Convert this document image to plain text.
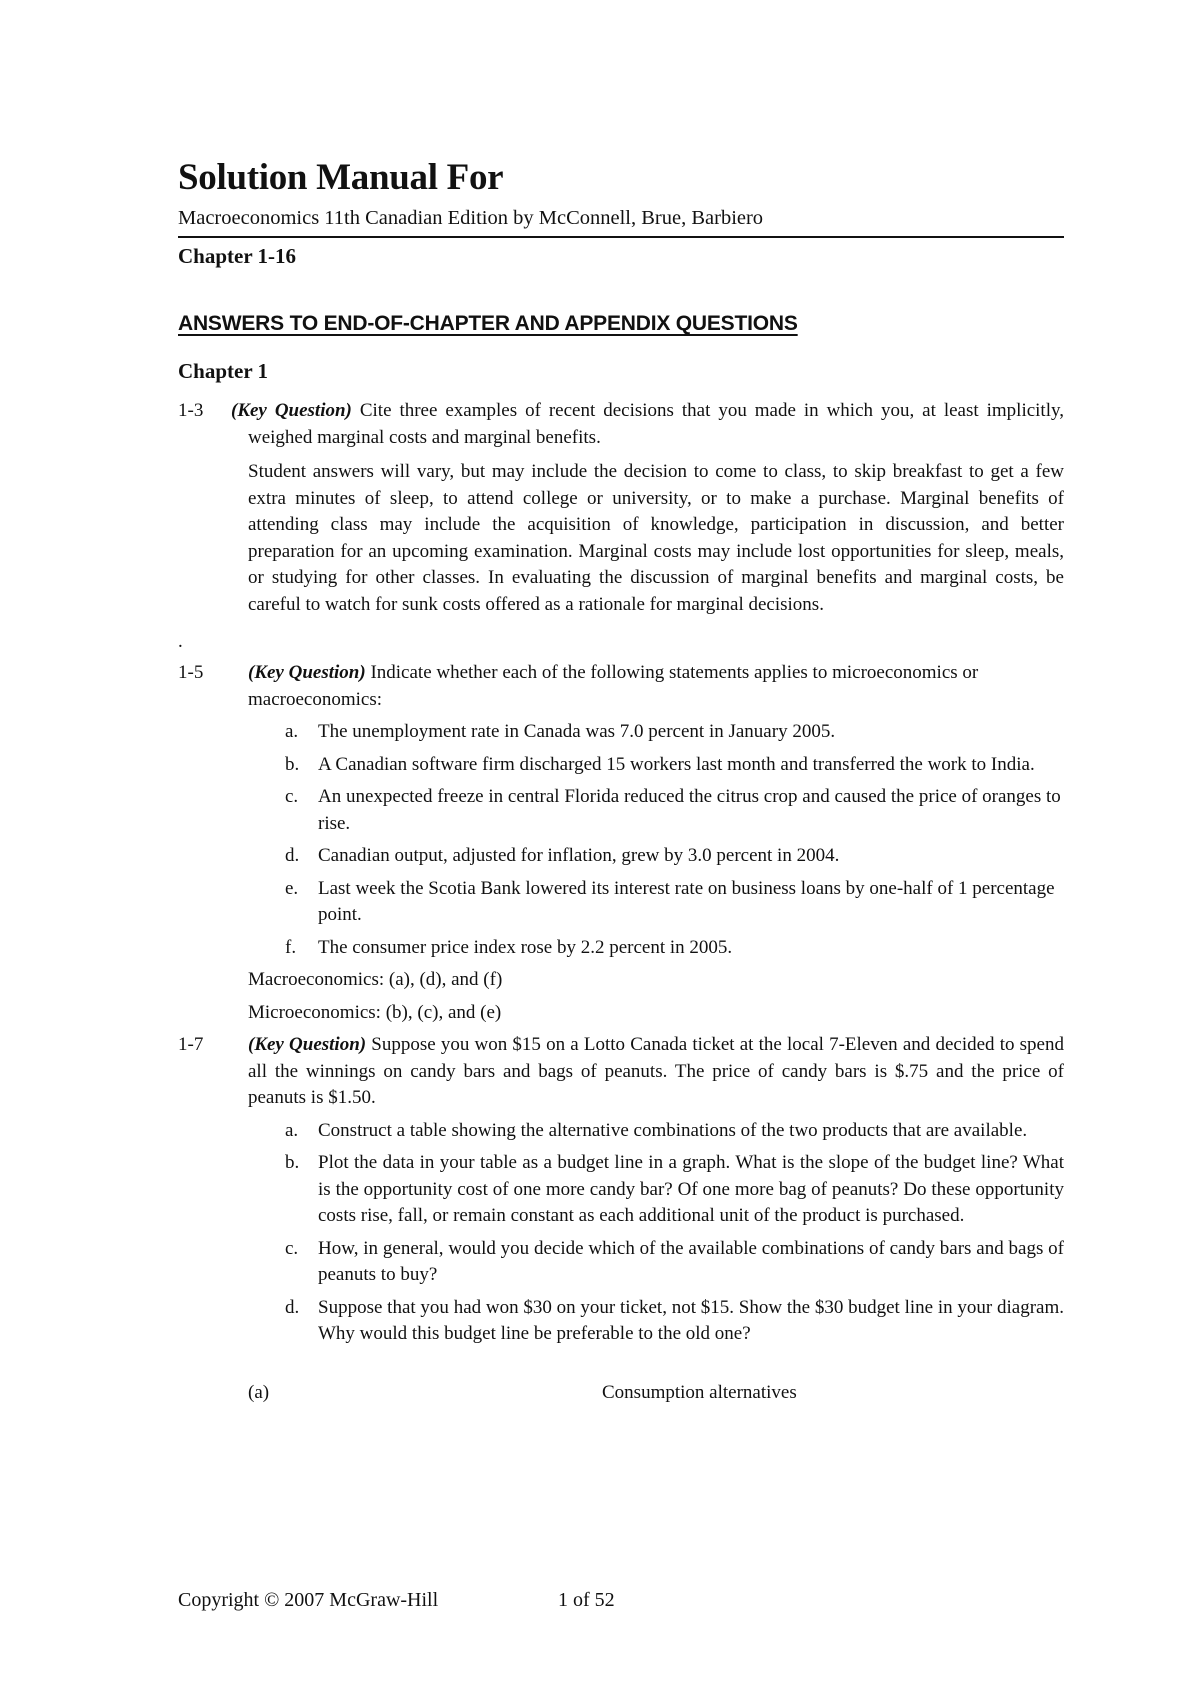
Solution Manual For
Macroeconomics 11th Canadian Edition by McConnell, Brue, Barbiero
Chapter 1-16
ANSWERS TO END-OF-CHAPTER AND APPENDIX QUESTIONS
Chapter 1
1-3 (Key Question) Cite three examples of recent decisions that you made in which you, at least implicitly, weighed marginal costs and marginal benefits.
Student answers will vary, but may include the decision to come to class, to skip breakfast to get a few extra minutes of sleep, to attend college or university, or to make a purchase. Marginal benefits of attending class may include the acquisition of knowledge, participation in discussion, and better preparation for an upcoming examination. Marginal costs may include lost opportunities for sleep, meals, or studying for other classes. In evaluating the discussion of marginal benefits and marginal costs, be careful to watch for sunk costs offered as a rationale for marginal decisions.
.
1-5 (Key Question) Indicate whether each of the following statements applies to microeconomics or macroeconomics:
a. The unemployment rate in Canada was 7.0 percent in January 2005.
b. A Canadian software firm discharged 15 workers last month and transferred the work to India.
c. An unexpected freeze in central Florida reduced the citrus crop and caused the price of oranges to rise.
d. Canadian output, adjusted for inflation, grew by 3.0 percent in 2004.
e. Last week the Scotia Bank lowered its interest rate on business loans by one-half of 1 percentage point.
f. The consumer price index rose by 2.2 percent in 2005.
Macroeconomics: (a), (d), and (f)
Microeconomics: (b), (c), and (e)
1-7 (Key Question) Suppose you won $15 on a Lotto Canada ticket at the local 7-Eleven and decided to spend all the winnings on candy bars and bags of peanuts. The price of candy bars is $.75 and the price of peanuts is $1.50.
a. Construct a table showing the alternative combinations of the two products that are available.
b. Plot the data in your table as a budget line in a graph. What is the slope of the budget line? What is the opportunity cost of one more candy bar? Of one more bag of peanuts? Do these opportunity costs rise, fall, or remain constant as each additional unit of the product is purchased.
c. How, in general, would you decide which of the available combinations of candy bars and bags of peanuts to buy?
d. Suppose that you had won $30 on your ticket, not $15. Show the $30 budget line in your diagram. Why would this budget line be preferable to the old one?
(a)	Consumption alternatives
Copyright © 2007 McGraw-Hill	1 of 52
